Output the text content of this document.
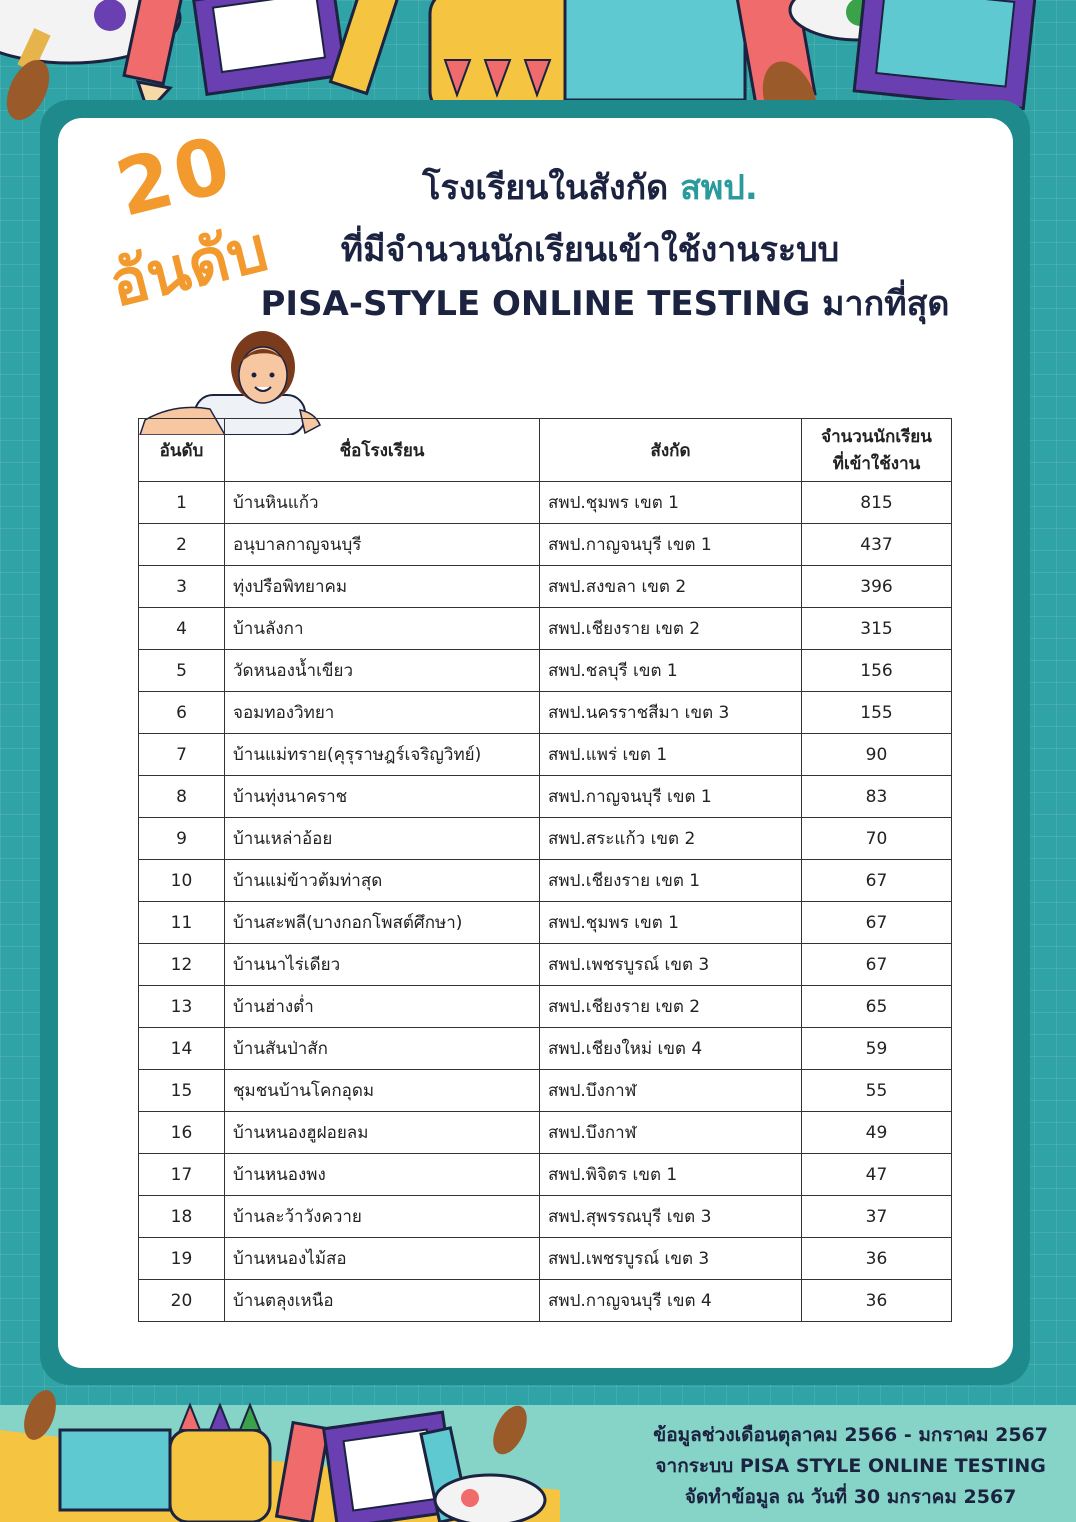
20
อันดับ
โรงเรียนในสังกัด สพป.
ที่มีจำนวนนักเรียนเข้าใช้งานระบบ
PISA-STYLE ONLINE TESTING มากที่สุด
อันดับ	ชื่อโรงเรียน	สังกัด	จำนวนนักเรียน
ที่เข้าใช้งาน
1	บ้านหินแก้ว	สพป.ชุมพร เขต 1	815
2	อนุบาลกาญจนบุรี	สพป.กาญจนบุรี เขต 1	437
3	ทุ่งปรือพิทยาคม	สพป.สงขลา เขต 2	396
4	บ้านลังกา	สพป.เชียงราย เขต 2	315
5	วัดหนองน้ำเขียว	สพป.ชลบุรี เขต 1	156
6	จอมทองวิทยา	สพป.นครราชสีมา เขต 3	155
7	บ้านแม่ทราย(คุรุราษฎร์เจริญวิทย์)	สพป.แพร่ เขต 1	90
8	บ้านทุ่งนาคราช	สพป.กาญจนบุรี เขต 1	83
9	บ้านเหล่าอ้อย	สพป.สระแก้ว เขต 2	70
10	บ้านแม่ข้าวต้มท่าสุด	สพป.เชียงราย เขต 1	67
11	บ้านสะพลี(บางกอกโพสต์ศึกษา)	สพป.ชุมพร เขต 1	67
12	บ้านนาไร่เดียว	สพป.เพชรบูรณ์ เขต 3	67
13	บ้านฮ่างต่ำ	สพป.เชียงราย เขต 2	65
14	บ้านสันป่าสัก	สพป.เชียงใหม่ เขต 4	59
15	ชุมชนบ้านโคกอุดม	สพป.บึงกาฬ	55
16	บ้านหนองฮูฝอยลม	สพป.บึงกาฬ	49
17	บ้านหนองพง	สพป.พิจิตร เขต 1	47
18	บ้านละว้าวังควาย	สพป.สุพรรณบุรี เขต 3	37
19	บ้านหนองไม้สอ	สพป.เพชรบูรณ์ เขต 3	36
20	บ้านตลุงเหนือ	สพป.กาญจนบุรี เขต 4	36
ข้อมูลช่วงเดือนตุลาคม 2566 - มกราคม 2567
จากระบบ PISA STYLE ONLINE TESTING
จัดทำข้อมูล ณ วันที่ 30 มกราคม 2567
